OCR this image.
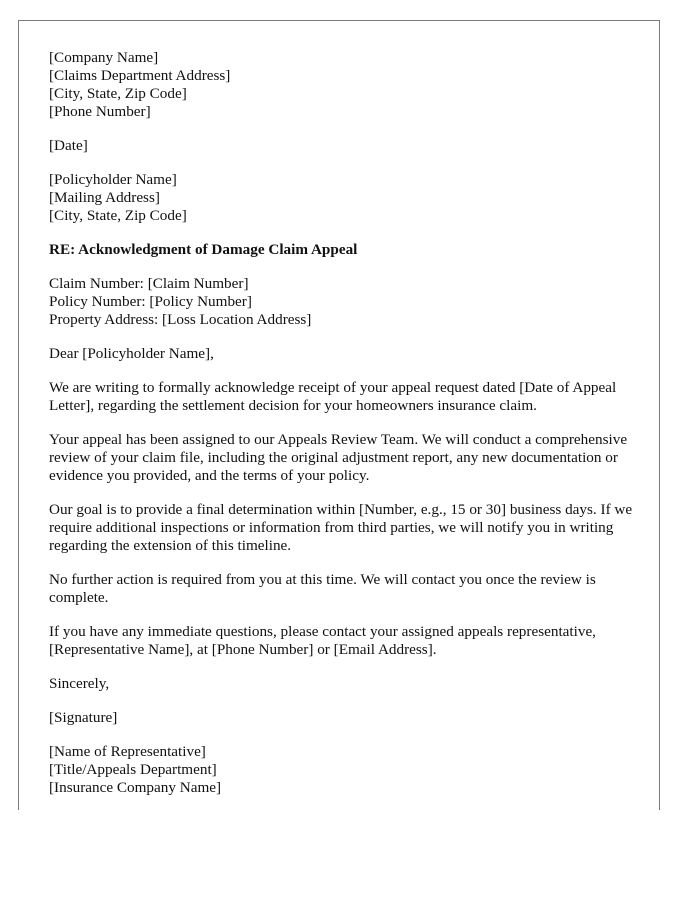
[Company Name]
[Claims Department Address]
[City, State, Zip Code]
[Phone Number]
[Date]
[Policyholder Name]
[Mailing Address]
[City, State, Zip Code]
RE: Acknowledgment of Damage Claim Appeal
Claim Number: [Claim Number]
Policy Number: [Policy Number]
Property Address: [Loss Location Address]
Dear [Policyholder Name],

We are writing to formally acknowledge receipt of your appeal request dated [Date of Appeal Letter], regarding the settlement decision for your homeowners insurance claim.

Your appeal has been assigned to our Appeals Review Team. We will conduct a comprehensive review of your claim file, including the original adjustment report, any new documentation or evidence you provided, and the terms of your policy.

Our goal is to provide a final determination within [Number, e.g., 15 or 30] business days. If we require additional inspections or information from third parties, we will notify you in writing regarding the extension of this timeline.

No further action is required from you at this time. We will contact you once the review is complete.

If you have any immediate questions, please contact your assigned appeals representative, [Representative Name], at [Phone Number] or [Email Address].

Sincerely,
[Signature]
[Name of Representative]
[Title/Appeals Department]
[Insurance Company Name]
